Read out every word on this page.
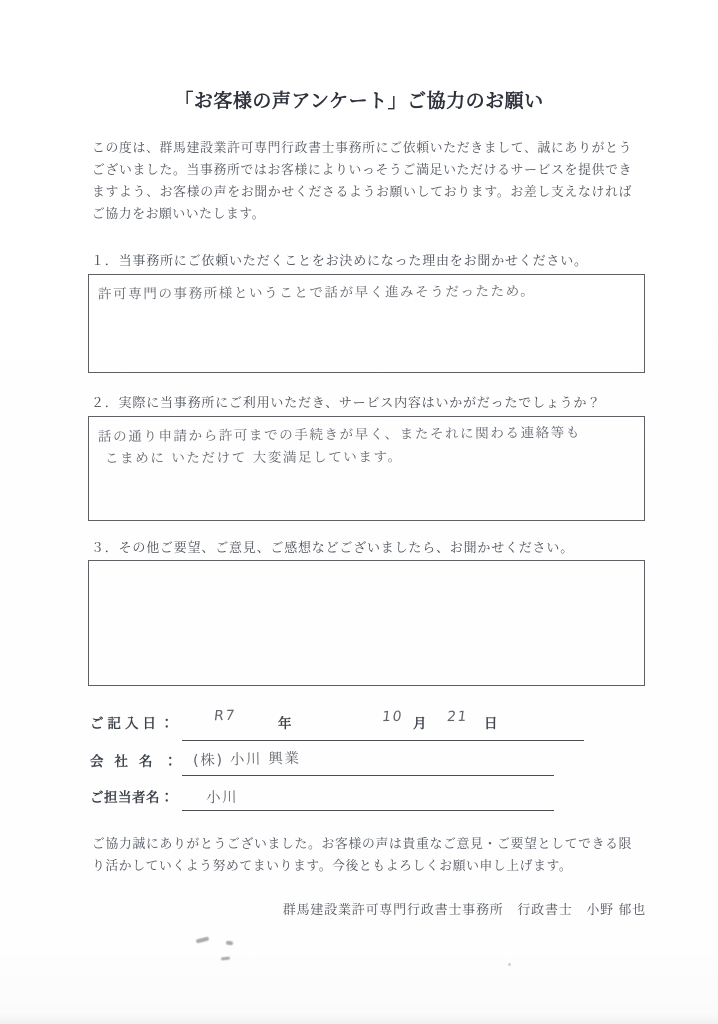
「お客様の声アンケート」ご協力のお願い
この度は、群馬建設業許可専門行政書士事務所にご依頼いただきまして、誠にありがとうございました。当事務所ではお客様によりいっそうご満足いただけるサービスを提供できますよう、お客様の声をお聞かせくださるようお願いしております。お差し支えなければご協力をお願いいたします。
１．当事務所にご依頼いただくことをお決めになった理由をお聞かせください。
許可専門の事務所様ということで話が早く進みそうだったため。
２．実際に当事務所にご利用いただき、サービス内容はいかがだったでしょうか？
話の通り申請から許可までの手続きが早く、またそれに関わる連絡等も
こまめに いただけて 大変満足しています。
３．その他ご要望、ご意見、ご感想などございましたら、お聞かせください。
ご記入日：	R7	年	10 月 21 日
会社名： (株) 小川 興業
ご担当者名： 小川
ご協力誠にありがとうございました。お客様の声は貴重なご意見・ご要望としてできる限り活かしていくよう努めてまいります。今後ともよろしくお願い申し上げます。
群馬建設業許可専門行政書士事務所　行政書士　小野 郁也
